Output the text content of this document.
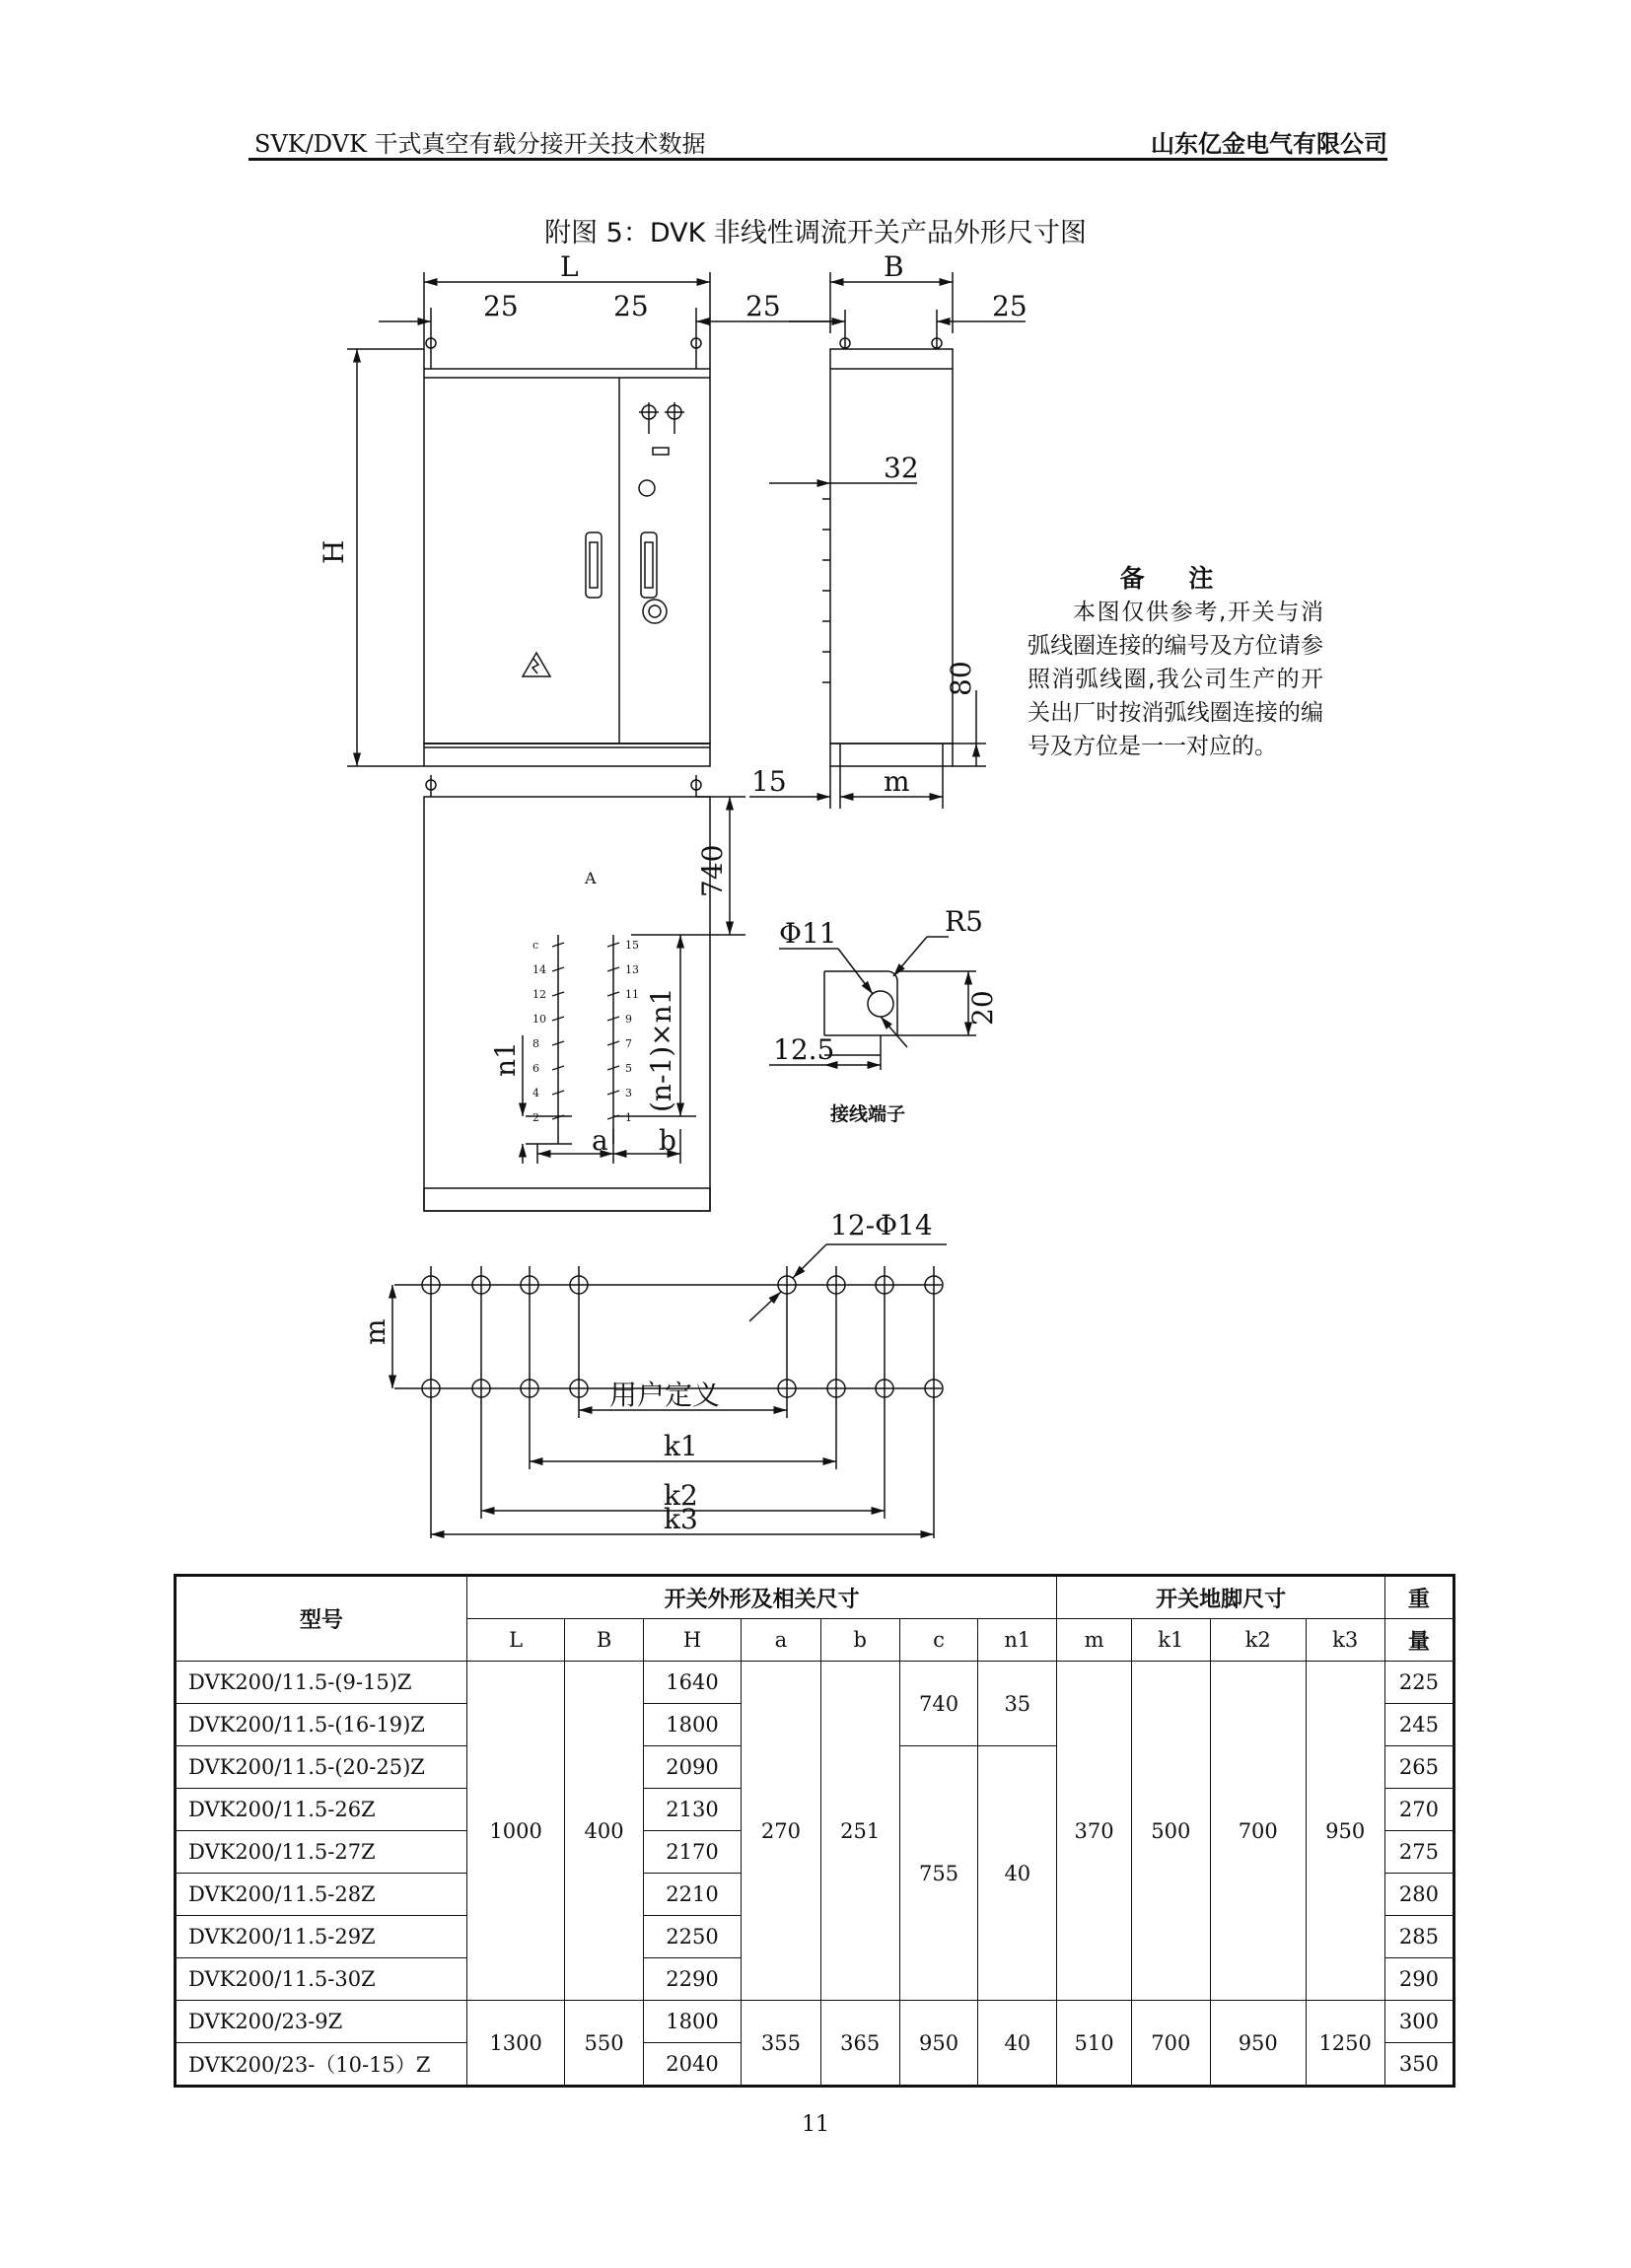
SVK/DVK 干式真空有载分接开关技术数据	山东亿金电气有限公司
附图 5：DVK 非线性调流开关产品外形尺寸图
L
25	25
H
B
25	25
32
80
15	m
740
(n-1)×n1
n1
a b
Φ11	R5
20
12.5
12-Φ14
m
用户定义
k1
k2
k3
A
接线端子
c
14
12
10
8
6
4
2
15
13
11
9
7
5
3
1
备 注
本图仅供参考,开关与消弧线圈连接的编号及方位请参照消弧线圈,我公司生产的开关出厂时按消弧线圈连接的编号及方位是一一对应的。
型号	开关外形及相关尺寸							开关地脚尺寸				重
	L	B	H	a	b	c	n1	m	k1	k2	k3	量
DVK200/11.5-(9-15)Z	1000	400	1640	270	251	740	35	370	500	700	950	225
DVK200/11.5-(16-19)Z			1800									245
DVK200/11.5-(20-25)Z			2090			755	40					265
DVK200/11.5-26Z			2130									270
DVK200/11.5-27Z			2170									275
DVK200/11.5-28Z			2210									280
DVK200/11.5-29Z			2250									285
DVK200/11.5-30Z			2290									290
DVK200/23-9Z	1300	550	1800	355	365	950	40	510	700	950	1250	300
DVK200/23-（10-15）Z			2040									350
11
